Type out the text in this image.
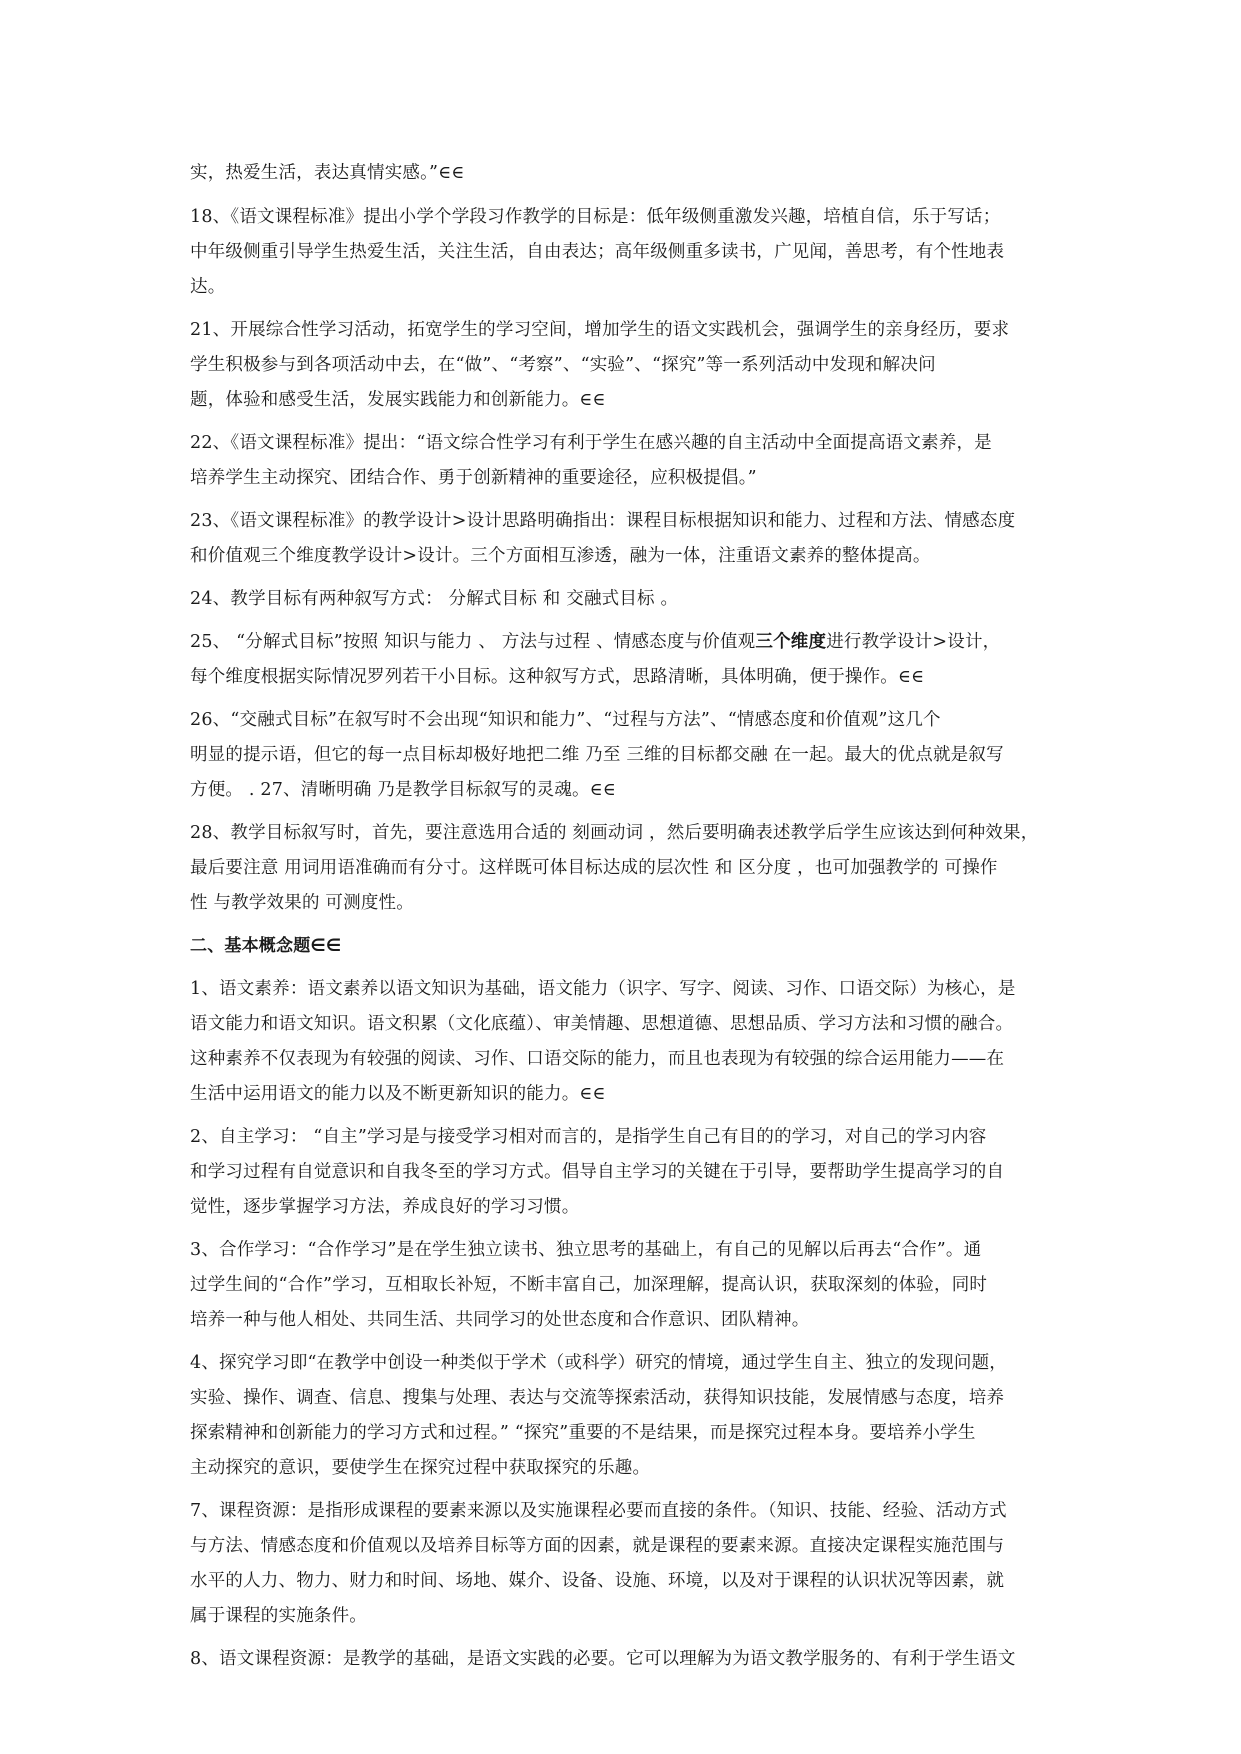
实，热爱生活，表达真情实感。”∈∈
18、《语文课程标准》提出小学个学段习作教学的目标是：低年级侧重激发兴趣，培植自信，乐于写话；
中年级侧重引导学生热爱生活，关注生活，自由表达；高年级侧重多读书，广见闻，善思考，有个性地表
达。
21、开展综合性学习活动，拓宽学生的学习空间，增加学生的语文实践机会，强调学生的亲身经历，要求
学生积极参与到各项活动中去，在“做”、“考察”、“实验”、“探究”等一系列活动中发现和解决问
题，体验和感受生活，发展实践能力和创新能力。∈∈
22、《语文课程标准》提出：“语文综合性学习有利于学生在感兴趣的自主活动中全面提高语文素养，是
培养学生主动探究、团结合作、勇于创新精神的重要途径，应积极提倡。”
23、《语文课程标准》的教学设计>设计思路明确指出：课程目标根据知识和能力、过程和方法、情感态度
和价值观三个维度教学设计>设计。三个方面相互渗透，融为一体，注重语文素养的整体提高。
24、教学目标有两种叙写方式： 分解式目标 和 交融式目标 。
25、 “分解式目标”按照 知识与能力 、 方法与过程 、情感态度与价值观三个维度进行教学设计>设计，
每个维度根据实际情况罗列若干小目标。这种叙写方式，思路清晰，具体明确，便于操作。∈∈
26、“交融式目标”在叙写时不会出现“知识和能力”、“过程与方法”、“情感态度和价值观”这几个
明显的提示语，但它的每一点目标却极好地把二维 乃至 三维的目标都交融 在一起。最大的优点就是叙写
方便。 . 27、清晰明确 乃是教学目标叙写的灵魂。∈∈
28、教学目标叙写时，首先，要注意选用合适的 刻画动词 ，然后要明确表述教学后学生应该达到何种效果，
最后要注意 用词用语准确而有分寸。这样既可体目标达成的层次性 和 区分度 ，也可加强教学的 可操作
性 与教学效果的 可测度性。
二、基本概念题∈∈
1、语文素养：语文素养以语文知识为基础，语文能力（识字、写字、阅读、习作、口语交际）为核心，是
语文能力和语文知识。语文积累（文化底蕴）、审美情趣、思想道德、思想品质、学习方法和习惯的融合。
这种素养不仅表现为有较强的阅读、习作、口语交际的能力，而且也表现为有较强的综合运用能力——在
生活中运用语文的能力以及不断更新知识的能力。∈∈
2、自主学习： “自主”学习是与接受学习相对而言的，是指学生自己有目的的学习，对自己的学习内容
和学习过程有自觉意识和自我冬至的学习方式。倡导自主学习的关键在于引导，要帮助学生提高学习的自
觉性，逐步掌握学习方法，养成良好的学习习惯。
3、合作学习：“合作学习”是在学生独立读书、独立思考的基础上，有自己的见解以后再去“合作”。通
过学生间的“合作”学习，互相取长补短，不断丰富自己，加深理解，提高认识，获取深刻的体验，同时
培养一种与他人相处、共同生活、共同学习的处世态度和合作意识、团队精神。
4、探究学习即“在教学中创设一种类似于学术（或科学）研究的情境，通过学生自主、独立的发现问题，
实验、操作、调查、信息、搜集与处理、表达与交流等探索活动，获得知识技能，发展情感与态度，培养
探索精神和创新能力的学习方式和过程。” “探究”重要的不是结果，而是探究过程本身。要培养小学生
主动探究的意识，要使学生在探究过程中获取探究的乐趣。
7、课程资源：是指形成课程的要素来源以及实施课程必要而直接的条件。（知识、技能、经验、活动方式
与方法、情感态度和价值观以及培养目标等方面的因素，就是课程的要素来源。直接决定课程实施范围与
水平的人力、物力、财力和时间、场地、媒介、设备、设施、环境，以及对于课程的认识状况等因素，就
属于课程的实施条件。
8、语文课程资源：是教学的基础，是语文实践的必要。它可以理解为为语文教学服务的、有利于学生语文
